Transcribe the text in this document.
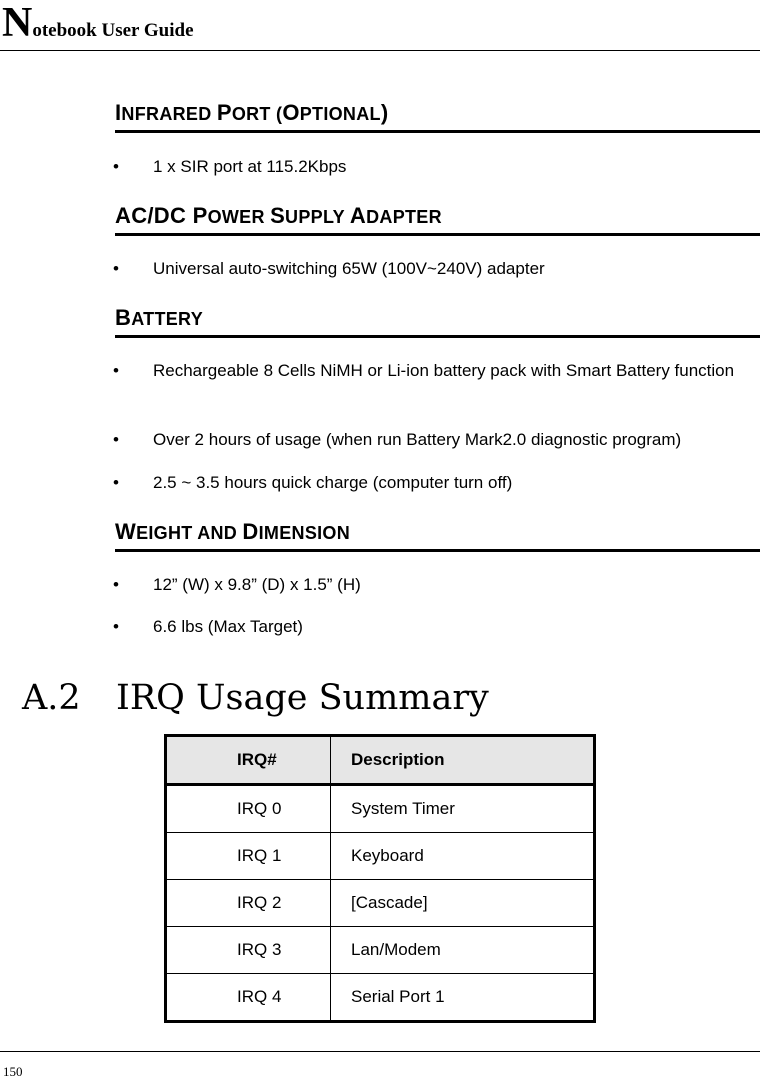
Notebook User Guide
INFRARED PORT (OPTIONAL)
• 1 x SIR port at 115.2Kbps
AC/DC POWER SUPPLY ADAPTER
• Universal auto-switching 65W (100V~240V) adapter
BATTERY
• Rechargeable 8 Cells NiMH or Li-ion battery pack with Smart Battery function
• Over 2 hours of usage (when run Battery Mark2.0 diagnostic program)
• 2.5 ~ 3.5 hours quick charge (computer turn off)
WEIGHT AND DIMENSION
• 12” (W) x 9.8” (D) x 1.5” (H)
• 6.6 lbs (Max Target)
A.2 IRQ Usage Summary
IRQ#	Description
IRQ 0	System Timer
IRQ 1	Keyboard
IRQ 2	[Cascade]
IRQ 3	Lan/Modem
IRQ 4	Serial Port 1
150
